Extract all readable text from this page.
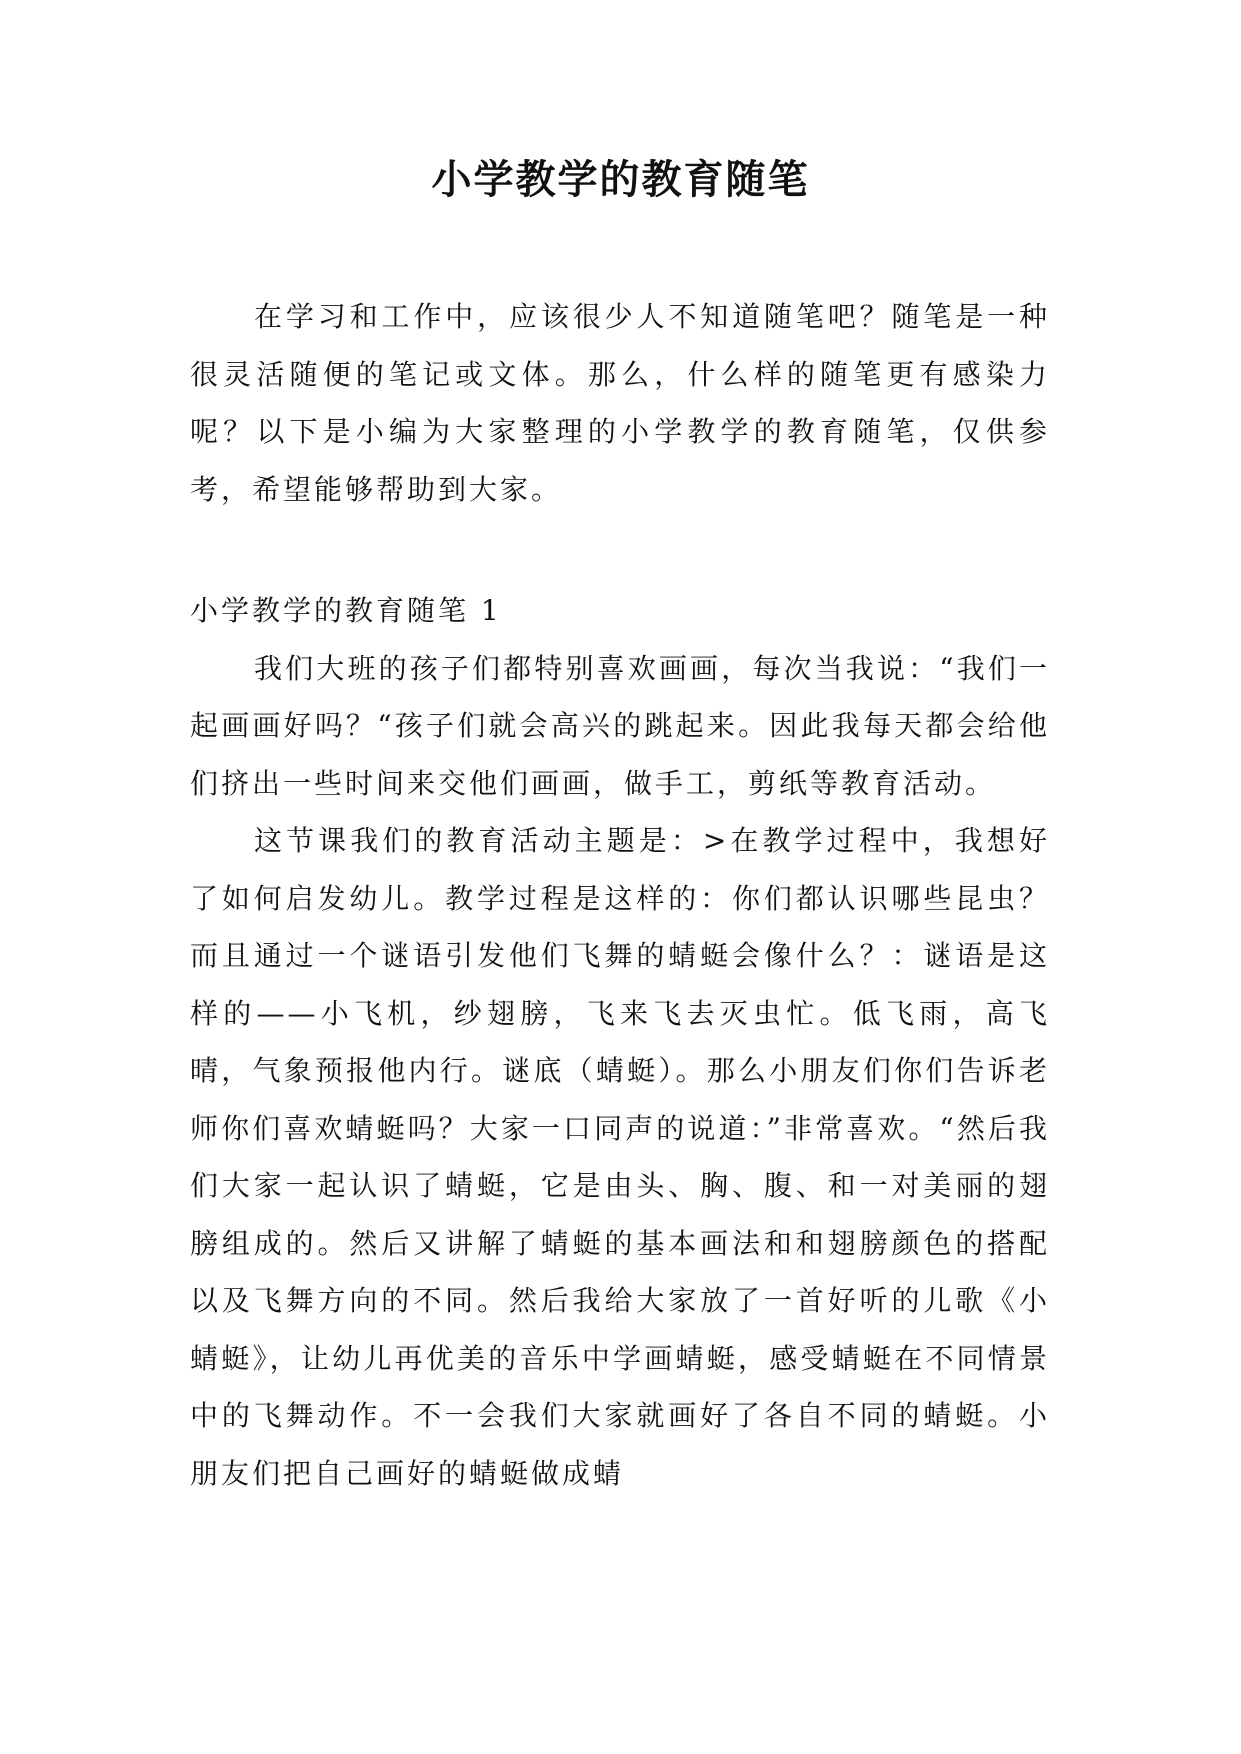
小学教学的教育随笔

在学习和工作中，应该很少人不知道随笔吧？随笔是一种很灵活随便的笔记或文体。那么，什么样的随笔更有感染力呢？以下是小编为大家整理的小学教学的教育随笔，仅供参考，希望能够帮助到大家。

小学教学的教育随笔 1

我们大班的孩子们都特别喜欢画画，每次当我说：“我们一起画画好吗？“孩子们就会高兴的跳起来。因此我每天都会给他们挤出一些时间来交他们画画，做手工，剪纸等教育活动。

这节课我们的教育活动主题是：>在教学过程中，我想好了如何启发幼儿。教学过程是这样的：你们都认识哪些昆虫？而且通过一个谜语引发他们飞舞的蜻蜓会像什么？：谜语是这样的——小飞机，纱翅膀，飞来飞去灭虫忙。低飞雨，高飞晴，气象预报他内行。谜底（蜻蜓）。那么小朋友们你们告诉老师你们喜欢蜻蜓吗？大家一口同声的说道：”非常喜欢。“然后我们大家一起认识了蜻蜓，它是由头、胸、腹、和一对美丽的翅膀组成的。然后又讲解了蜻蜓的基本画法和和翅膀颜色的搭配以及飞舞方向的不同。然后我给大家放了一首好听的儿歌《小蜻蜓》，让幼儿再优美的音乐中学画蜻蜓，感受蜻蜓在不同情景中的飞舞动作。不一会我们大家就画好了各自不同的蜻蜓。小朋友们把自己画好的蜻蜓做成蜻
